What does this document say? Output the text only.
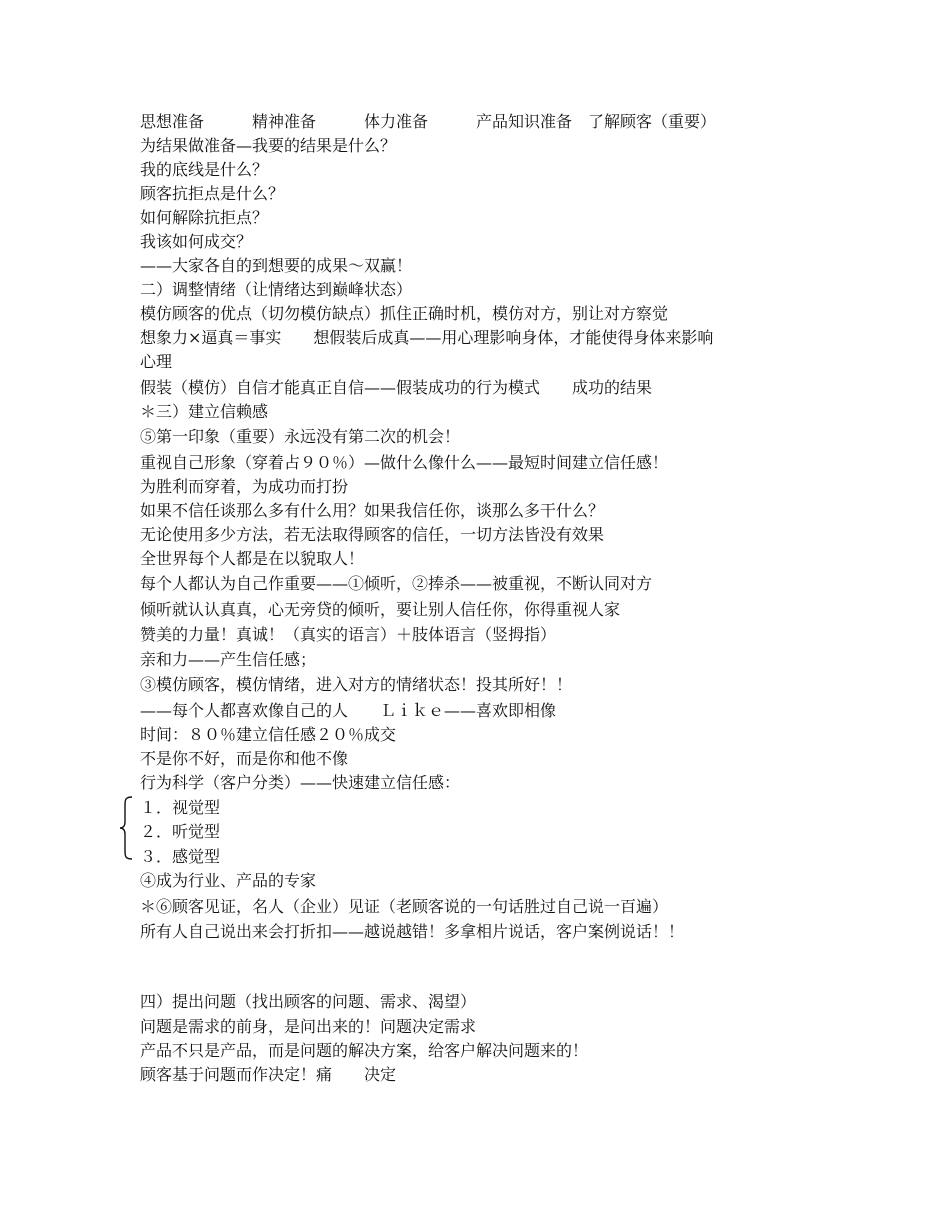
思想准备　　　精神准备　　　体力准备　　　产品知识准备　了解顾客（重要）
为结果做准备—我要的结果是什么？
我的底线是什么？
顾客抗拒点是什么？
如何解除抗拒点？
我该如何成交？
——大家各自的到想要的成果～双赢！
二）调整情绪（让情绪达到巅峰状态）
模仿顾客的优点（切勿模仿缺点）抓住正确时机，模仿对方，别让对方察觉
想象力×逼真＝事实　　想假装后成真——用心理影响身体，才能使得身体来影响
心理
假装（模仿）自信才能真正自信——假装成功的行为模式　　成功的结果
＊三）建立信赖感
⑤第一印象（重要）永远没有第二次的机会！
重视自己形象（穿着占９０％）—做什么像什么——最短时间建立信任感！
为胜利而穿着，为成功而打扮
如果不信任谈那么多有什么用？如果我信任你，谈那么多干什么？
无论使用多少方法，若无法取得顾客的信任，一切方法皆没有效果
全世界每个人都是在以貌取人！
每个人都认为自己作重要——①倾听，②捧杀——被重视，不断认同对方
倾听就认认真真，心无旁贷的倾听，要让别人信任你，你得重视人家
赞美的力量！真诚！（真实的语言）＋肢体语言（竖拇指）
亲和力——产生信任感；
③模仿顾客，模仿情绪，进入对方的情绪状态！投其所好！！
——每个人都喜欢像自己的人　　Ｌｉｋｅ——喜欢即相像
时间：８０％建立信任感２０％成交
不是你不好，而是你和他不像
行为科学（客户分类）——快速建立信任感：
１．视觉型
２．听觉型
３．感觉型
④成为行业、产品的专家
＊⑥顾客见证，名人（企业）见证（老顾客说的一句话胜过自己说一百遍）
所有人自己说出来会打折扣——越说越错！多拿相片说话，客户案例说话！！
四）提出问题（找出顾客的问题、需求、渴望）
问题是需求的前身，是问出来的！问题决定需求
产品不只是产品，而是问题的解决方案，给客户解决问题来的！
顾客基于问题而作决定！痛　　决定
